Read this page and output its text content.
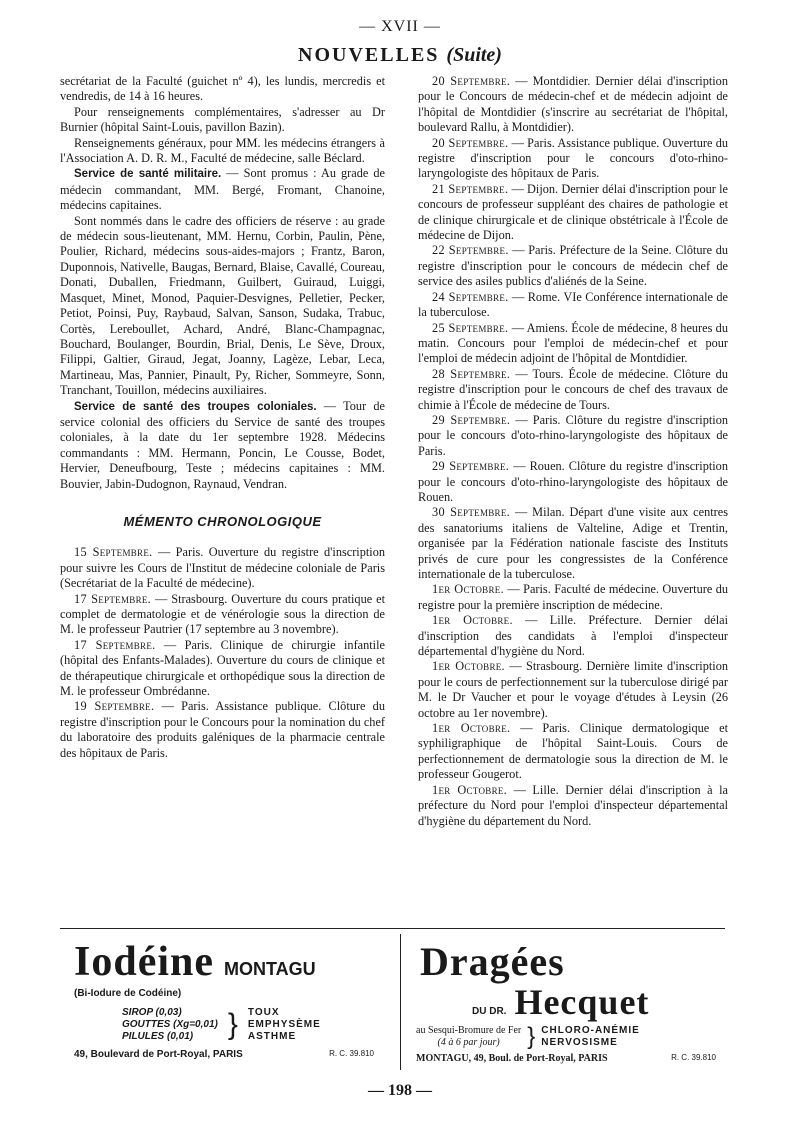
— XVII —
NOUVELLES (Suite)

secrétariat de la Faculté (guichet nº 4), les lundis, mercredis et vendredis, de 14 à 16 heures.

Pour renseignements complémentaires, s'adresser au Dr Burnier (hôpital Saint-Louis, pavillon Bazin).

Renseignements généraux, pour MM. les médecins étrangers à l'Association A. D. R. M., Faculté de médecine, salle Béclard.

Service de santé militaire. — Sont promus : Au grade de médecin commandant, MM. Bergé, Fromant, Chanoine, médecins capitaines.

Sont nommés dans le cadre des officiers de réserve : au grade de médecin sous-lieutenant, MM. Hernu, Corbin, Paulin, Pène, Poulier, Richard, médecins sous-aides-majors ; Frantz, Baron, Duponnois, Nativelle, Baugas, Bernard, Blaise, Cavallé, Coureau, Donati, Duballen, Friedmann, Guilbert, Guiraud, Luiggi, Masquet, Minet, Monod, Paquier-Desvignes, Pelletier, Pecker, Petiot, Poinsi, Puy, Raybaud, Salvan, Sanson, Sudaka, Trabuc, Cortès, Lereboullet, Achard, André, Blanc-Champagnac, Bouchard, Boulanger, Bourdin, Brial, Denis, Le Sève, Droux, Filippi, Galtier, Giraud, Jegat, Joanny, Lagèze, Lebar, Leca, Martineau, Mas, Pannier, Pinault, Py, Richer, Sommeyre, Sonn, Tranchant, Touillon, médecins auxiliaires.

Service de santé des troupes coloniales. — Tour de service colonial des officiers du Service de santé des troupes coloniales, à la date du 1er septembre 1928. Médecins commandants : MM. Hermann, Poncin, Le Cousse, Bodet, Hervier, Deneufbourg, Teste ; médecins capitaines : MM. Bouvier, Jabin-Dudognon, Raynaud, Vendran.

MÉMENTO CHRONOLOGIQUE

15 Septembre. — Paris. Ouverture du registre d'inscription pour suivre les Cours de l'Institut de médecine coloniale de Paris (Secrétariat de la Faculté de médecine).

17 Septembre. — Strasbourg. Ouverture du cours pratique et complet de dermatologie et de vénérologie sous la direction de M. le professeur Pautrier (17 septembre au 3 novembre).

17 Septembre. — Paris. Clinique de chirurgie infantile (hôpital des Enfants-Malades). Ouverture du cours de clinique et de thérapeutique chirurgicale et orthopédique sous la direction de M. le professeur Ombrédanne.

19 Septembre. — Paris. Assistance publique. Clôture du registre d'inscription pour le Concours pour la nomination du chef du laboratoire des produits galéniques de la pharmacie centrale des hôpitaux de Paris.

20 Septembre. — Montdidier. Dernier délai d'inscription pour le Concours de médecin-chef et de médecin adjoint de l'hôpital de Montdidier (s'inscrire au secrétariat de l'hôpital, boulevard Rallu, à Montdidier).

20 Septembre. — Paris. Assistance publique. Ouverture du registre d'inscription pour le concours d'oto-rhino-laryngologiste des hôpitaux de Paris.

21 Septembre. — Dijon. Dernier délai d'inscription pour le concours de professeur suppléant des chaires de pathologie et de clinique chirurgicale et de clinique obstétricale à l'École de médecine de Dijon.

22 Septembre. — Paris. Préfecture de la Seine. Clôture du registre d'inscription pour le concours de médecin chef de service des asiles publics d'aliénés de la Seine.

24 Septembre. — Rome. VIe Conférence internationale de la tuberculose.

25 Septembre. — Amiens. École de médecine, 8 heures du matin. Concours pour l'emploi de médecin-chef et pour l'emploi de médecin adjoint de l'hôpital de Montdidier.

28 Septembre. — Tours. École de médecine. Clôture du registre d'inscription pour le concours de chef des travaux de chimie à l'École de médecine de Tours.

29 Septembre. — Paris. Clôture du registre d'inscription pour le concours d'oto-rhino-laryngologiste des hôpitaux de Paris.

29 Septembre. — Rouen. Clôture du registre d'inscription pour le concours d'oto-rhino-laryngologiste des hôpitaux de Rouen.

30 Septembre. — Milan. Départ d'une visite aux centres des sanatoriums italiens de Valteline, Adige et Trentin, organisée par la Fédération nationale fasciste des Instituts privés de cure pour les congressistes de la Conférence internationale de la tuberculose.

1er Octobre. — Paris. Faculté de médecine. Ouverture du registre pour la première inscription de médecine.

1er Octobre. — Lille. Préfecture. Dernier délai d'inscription des candidats à l'emploi d'inspecteur départemental d'hygiène du Nord.

1er Octobre. — Strasbourg. Dernière limite d'inscription pour le cours de perfectionnement sur la tuberculose dirigé par M. le Dr Vaucher et pour le voyage d'études à Leysin (26 octobre au 1er novembre).

1er Octobre. — Paris. Clinique dermatologique et syphiligraphique de l'hôpital Saint-Louis. Cours de perfectionnement de dermatologie sous la direction de M. le professeur Gougerot.

1er Octobre. — Lille. Dernier délai d'inscription à la préfecture du Nord pour l'emploi d'inspecteur départemental d'hygiène du département du Nord.

Iodéine MONTAGU
(Bi-Iodure de Codéine)
SIROP (0,03)
GOUTTES (Xg=0,01)
PILULES (0,01)	} TOUX
EMPHYSÈME
ASTHME
49, Boulevard de Port-Royal, PARIS	R. C. 39.810
Dragées
DU DR. Hecquet
au Sesqui-Bromure de Fer
(4 à 6 par jour)	} CHLORO-ANÉMIE
NERVOSISME
MONTAGU, 49, Boul. de Port-Royal, PARIS	R. C. 39.810
— 198 —
